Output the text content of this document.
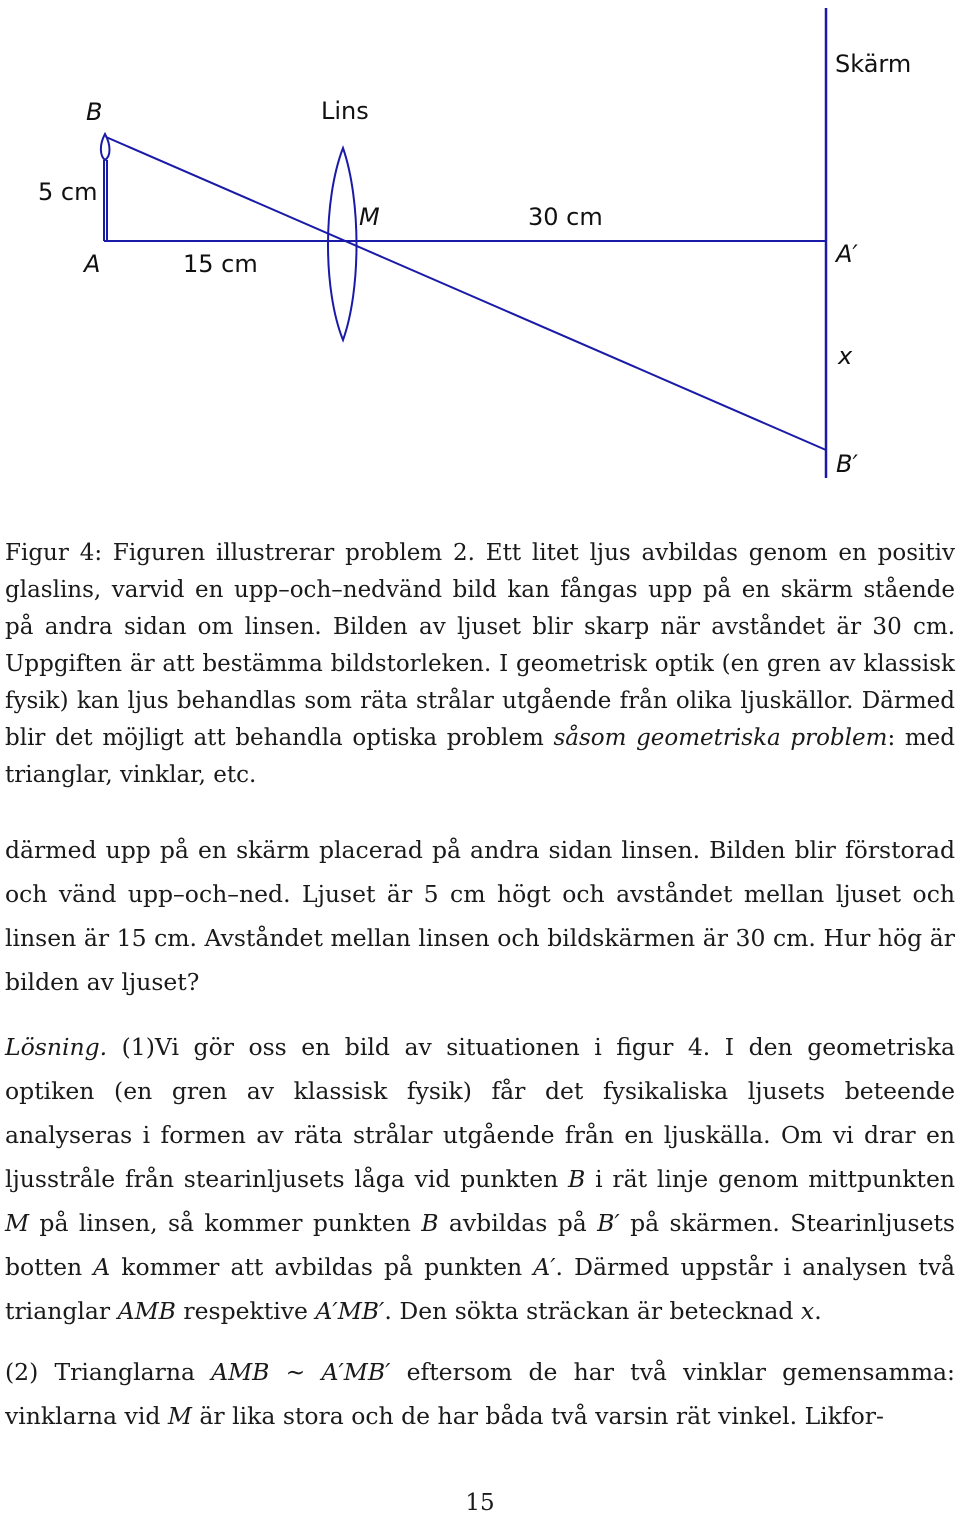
B	Lins
Skärm
5 cm
M	30 cm
A	15 cm	A′
x
B′

Figur 4: Figuren illustrerar problem 2. Ett litet ljus avbildas genom en positiv glaslins, varvid en upp–och–nedvänd bild kan fångas upp på en skärm stående på andra sidan om linsen. Bilden av ljuset blir skarp när avståndet är 30 cm. Uppgiften är att bestämma bildstorleken. I geometrisk optik (en gren av klassisk fysik) kan ljus behandlas som räta strålar utgående från olika ljuskällor. Därmed blir det möjligt att behandla optiska problem såsom geometriska problem: med trianglar, vinklar, etc.

därmed upp på en skärm placerad på andra sidan linsen. Bilden blir förstorad och vänd upp–och–ned. Ljuset är 5 cm högt och avståndet mellan ljuset och linsen är 15 cm. Avståndet mellan linsen och bildskärmen är 30 cm. Hur hög är bilden av ljuset?

Lösning. (1)Vi gör oss en bild av situationen i figur 4. I den geometriska optiken (en gren av klassisk fysik) får det fysikaliska ljusets beteende analyseras i formen av räta strålar utgående från en ljuskälla. Om vi drar en ljusstråle från stearinljusets låga vid punkten B i rät linje genom mittpunkten M på linsen, så kommer punkten B avbildas på B′ på skärmen. Stearinljusets botten A kommer att avbildas på punkten A′. Därmed uppstår i analysen två trianglar AMB respektive A′MB′. Den sökta sträckan är betecknad x.

(2) Trianglarna AMB ∼ A′MB′ eftersom de har två vinklar gemensamma: vinklarna vid M är lika stora och de har båda två varsin rät vinkel. Likfor-

15
